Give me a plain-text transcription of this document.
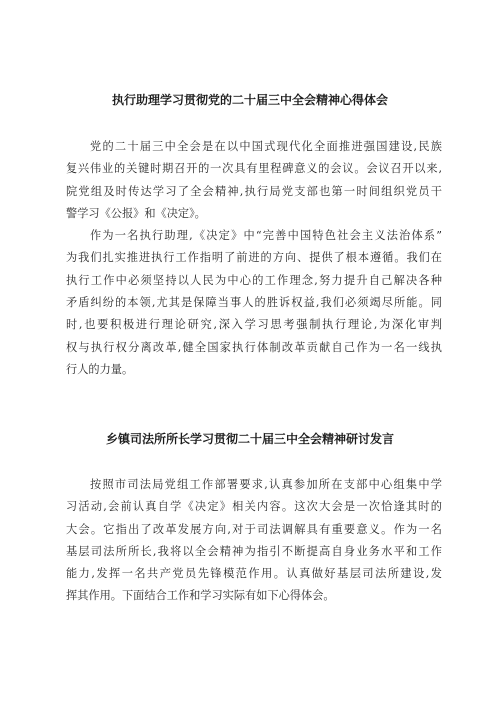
执行助理学习贯彻党的二十届三中全会精神心得体会
党的二十届三中全会是在以中国式现代化全面推进强国建设,民族
复兴伟业的关键时期召开的一次具有里程碑意义的会议。会议召开以来,
院党组及时传达学习了全会精神,执行局党支部也第一时间组织党员干
警学习《公报》和《决定》。
作为一名执行助理,《决定》中“完善中国特色社会主义法治体系”
为我们扎实推进执行工作指明了前进的方向、提供了根本遵循。我们在
执行工作中必须坚持以人民为中心的工作理念,努力提升自己解决各种
矛盾纠纷的本领,尤其是保障当事人的胜诉权益,我们必须竭尽所能。同
时,也要积极进行理论研究,深入学习思考强制执行理论,为深化审判
权与执行权分离改革,健全国家执行体制改革贡献自己作为一名一线执
行人的力量。
乡镇司法所所长学习贯彻二十届三中全会精神研讨发言
按照市司法局党组工作部署要求,认真参加所在支部中心组集中学
习活动,会前认真自学《决定》相关内容。这次大会是一次恰逢其时的
大会。它指出了改革发展方向,对于司法调解具有重要意义。作为一名
基层司法所所长,我将以全会精神为指引不断提高自身业务水平和工作
能力,发挥一名共产党员先锋模范作用。认真做好基层司法所建设,发
挥其作用。下面结合工作和学习实际有如下心得体会。
